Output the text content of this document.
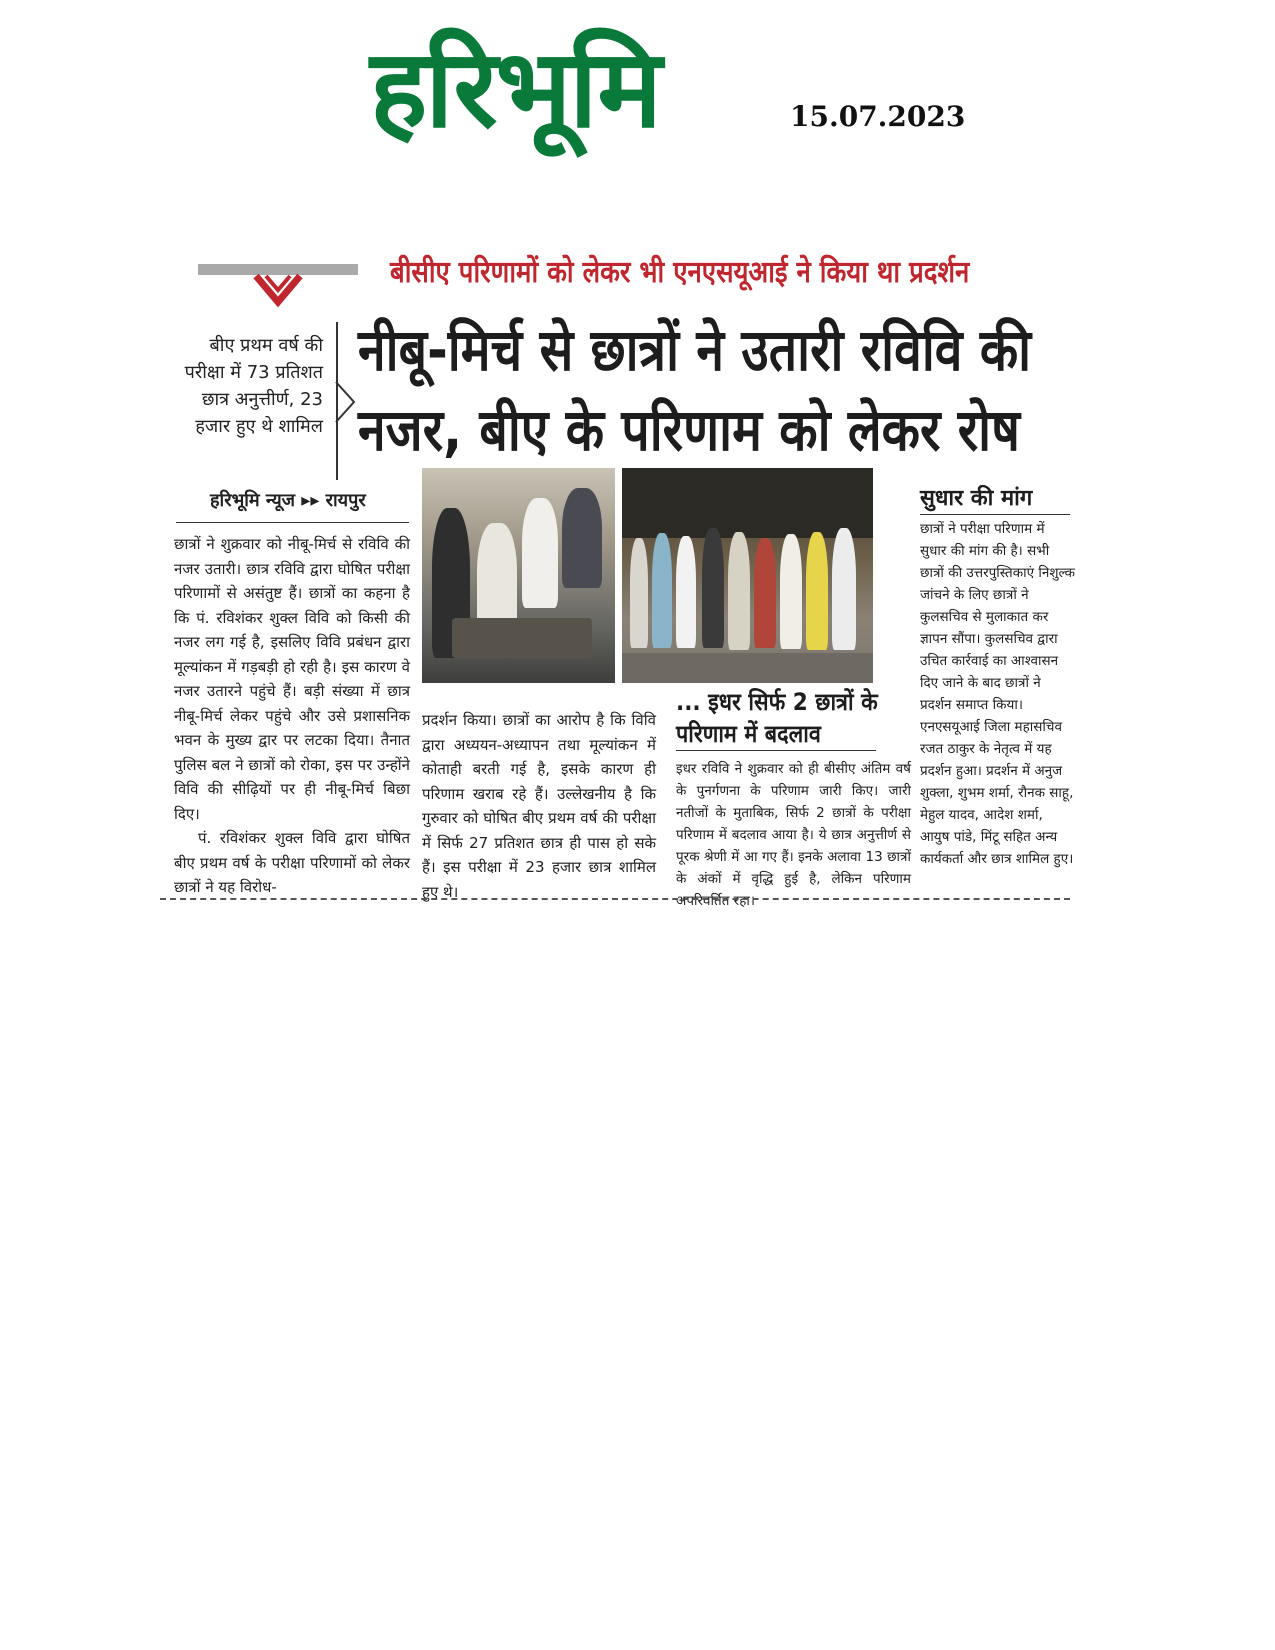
हरिभूमि	15.07.2023
बीसीए परिणामों को लेकर भी एनएसयूआई ने किया था प्रदर्शन
बीए प्रथम वर्ष की परीक्षा में 73 प्रतिशत छात्र अनुत्तीर्ण, 23 हजार हुए थे शामिल
नीबू-मिर्च से छात्रों ने उतारी रविवि की
नजर, बीए के परिणाम को लेकर रोष
हरिभूमि न्यूज ▸▸ रायपुर
छात्रों ने शुक्रवार को नीबू-मिर्च से रविवि की नजर उतारी। छात्र रविवि द्वारा घोषित परीक्षा परिणामों से असंतुष्ट हैं। छात्रों का कहना है कि पं. रविशंकर शुक्ल विवि को किसी की नजर लग गई है, इसलिए विवि प्रबंधन द्वारा मूल्यांकन में गड़बड़ी हो रही है। इस कारण वे नजर उतारने पहुंचे हैं। बड़ी संख्या में छात्र नीबू-मिर्च लेकर पहुंचे और उसे प्रशासनिक भवन के मुख्य द्वार पर लटका दिया। तैनात पुलिस बल ने छात्रों को रोका, इस पर उन्होंने विवि की सीढ़ियों पर ही नीबू-मिर्च बिछा दिए।
पं. रविशंकर शुक्ल विवि द्वारा घोषित बीए प्रथम वर्ष के परीक्षा परिणामों को लेकर छात्रों ने यह विरोध-
प्रदर्शन किया। छात्रों का आरोप है कि विवि द्वारा अध्ययन-अध्यापन तथा मूल्यांकन में कोताही बरती गई है, इसके कारण ही परिणाम खराब रहे हैं। उल्लेखनीय है कि गुरुवार को घोषित बीए प्रथम वर्ष की परीक्षा में सिर्फ 27 प्रतिशत छात्र ही पास हो सके हैं। इस परीक्षा में 23 हजार छात्र शामिल हुए थे।
... इधर सिर्फ 2 छात्रों के परिणाम में बदलाव
इधर रविवि ने शुक्रवार को ही बीसीए अंतिम वर्ष के पुनर्गणना के परिणाम जारी किए। जारी नतीजों के मुताबिक, सिर्फ 2 छात्रों के परीक्षा परिणाम में बदलाव आया है। ये छात्र अनुत्तीर्ण से पूरक श्रेणी में आ गए हैं। इनके अलावा 13 छात्रों के अंकों में वृद्धि हुई है, लेकिन परिणाम अपरिवर्तित रहा।
सुधार की मांग
छात्रों ने परीक्षा परिणाम में सुधार की मांग की है। सभी छात्रों की उत्तरपुस्तिकाएं निशुल्क जांचने के लिए छात्रों ने कुलसचिव से मुलाकात कर ज्ञापन सौंपा। कुलसचिव द्वारा उचित कार्रवाई का आश्वासन दिए जाने के बाद छात्रों ने प्रदर्शन समाप्त किया। एनएसयूआई जिला महासचिव रजत ठाकुर के नेतृत्व में यह प्रदर्शन हुआ। प्रदर्शन में अनुज शुक्ला, शुभम शर्मा, रौनक साहू, मेहुल यादव, आदेश शर्मा, आयुष पांडे, मिंटू सहित अन्य कार्यकर्ता और छात्र शामिल हुए।
